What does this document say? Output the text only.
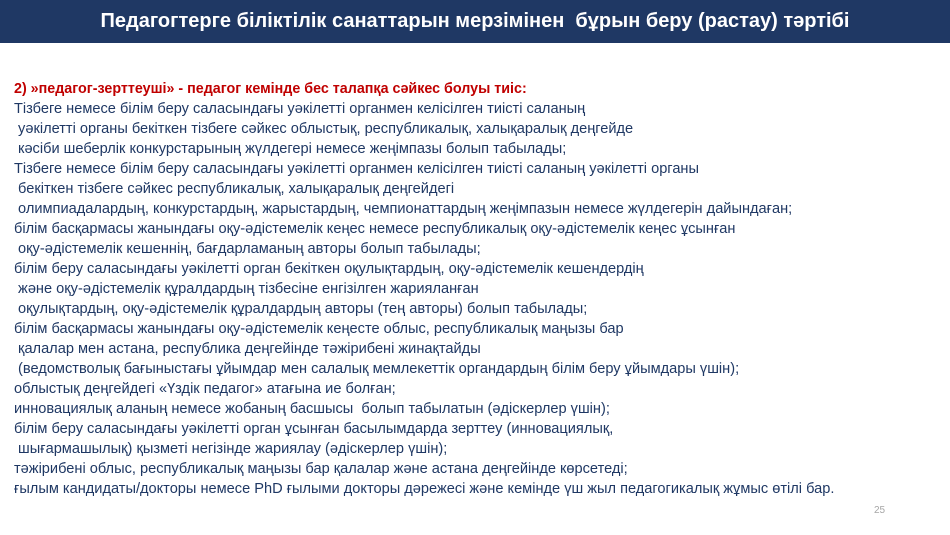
Педагогтерге біліктілік санаттарын мерзімінен  бұрын беру (растау) тәртібі
2) »педагог-зерттеуші» - педагог кемінде бес талапқа сәйкес болуы тиіс:
Тізбеге немесе білім беру саласындағы уәкілетті органмен келісілген тиісті саланың
уәкілетті органы бекіткен тізбеге сәйкес облыстық, республикалық, халықаралық деңгейде
кәсіби шеберлік конкурстарының жүлдегері немесе жеңімпазы болып табылады;
Тізбеге немесе білім беру саласындағы уәкілетті органмен келісілген тиісті саланың уәкілетті органы
бекіткен тізбеге сәйкес республикалық, халықаралық деңгейдегі
олимпиадалардың, конкурстардың, жарыстардың, чемпионаттардың жеңімпазын немесе жүлдегерін дайындаған;
білім басқармасы жанындағы оқу-әдістемелік кеңес немесе республикалық оқу-әдістемелік кеңес ұсынған
оқу-әдістемелік кешеннің, бағдарламаның авторы болып табылады;
білім беру саласындағы уәкілетті орган бекіткен оқулықтардың, оқу-әдістемелік кешендердің
және оқу-әдістемелік құралдардың тізбесіне енгізілген жарияланған
оқулықтардың, оқу-әдістемелік құралдардың авторы (тең авторы) болып табылады;
білім басқармасы жанындағы оқу-әдістемелік кеңесте облыс, республикалық маңызы бар
қалалар мен астана, республика деңгейінде тәжірибені жинақтайды
(ведомстволық бағыныстағы ұйымдар мен салалық мемлекеттік органдардың білім беру ұйымдары үшін);
облыстық деңгейдегі «Үздік педагог» атағына ие болған;
инновациялық аланың немесе жобаның басшысы  болып табылатын (әдіскерлер үшін);
білім беру саласындағы уәкілетті орган ұсынған басылымдарда зерттеу (инновациялық,
шығармашылық) қызметі негізінде жариялау (әдіскерлер үшін);
тәжірибені облыс, республикалық маңызы бар қалалар және астана деңгейінде көрсетеді;
ғылым кандидаты/докторы немесе PhD ғылыми докторы дәрежесі және кемінде үш жыл педагогикалық жұмыс өтілі бар.
25
